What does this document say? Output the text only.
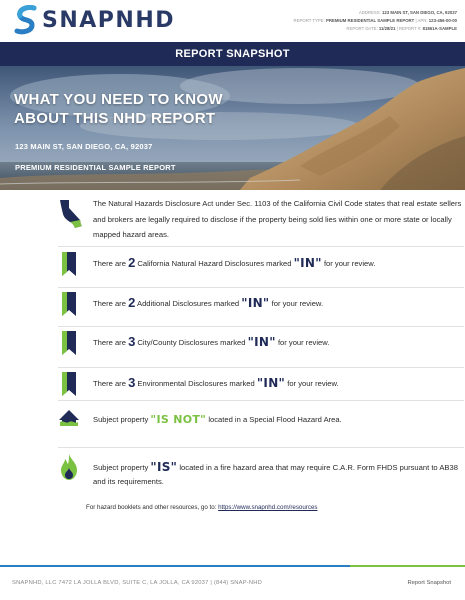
SNAPNHD	ADDRESS: 123 MAIN ST, SAN DIEGO, CA, 92037
REPORT TYPE: PREMIUM RESIDENTIAL SAMPLE REPORT | APN: 123-456-00-00
REPORT DATE: 11/28/21 | REPORT #: 81861A-SAMPLE
REPORT SNAPSHOT
WHAT YOU NEED TO KNOW
ABOUT THIS NHD REPORT
123 MAIN ST, SAN DIEGO, CA, 92037
PREMIUM RESIDENTIAL SAMPLE REPORT
The Natural Hazards Disclosure Act under Sec. 1103 of the California Civil Code states that real estate sellers and brokers are legally required to disclose if the property being sold lies within one or more state or locally mapped hazard areas.
There are 2 California Natural Hazard Disclosures marked "IN" for your review.
There are 2 Additional Disclosures marked "IN" for your review.
There are 3 City/County Disclosures marked "IN" for your review.
There are 3 Environmental Disclosures marked "IN" for your review.
Subject property "IS NOT" located in a Special Flood Hazard Area.
Subject property "IS" located in a fire hazard area that may require C.A.R. Form FHDS pursuant to AB38 and its requirements.
For hazard booklets and other resources, go to: https://www.snapnhd.com/resources
SNAPNHD, LLC 7472 LA JOLLA BLVD, SUITE C, LA JOLLA, CA 92037 | (844) SNAP-NHD	Report Snapshot
